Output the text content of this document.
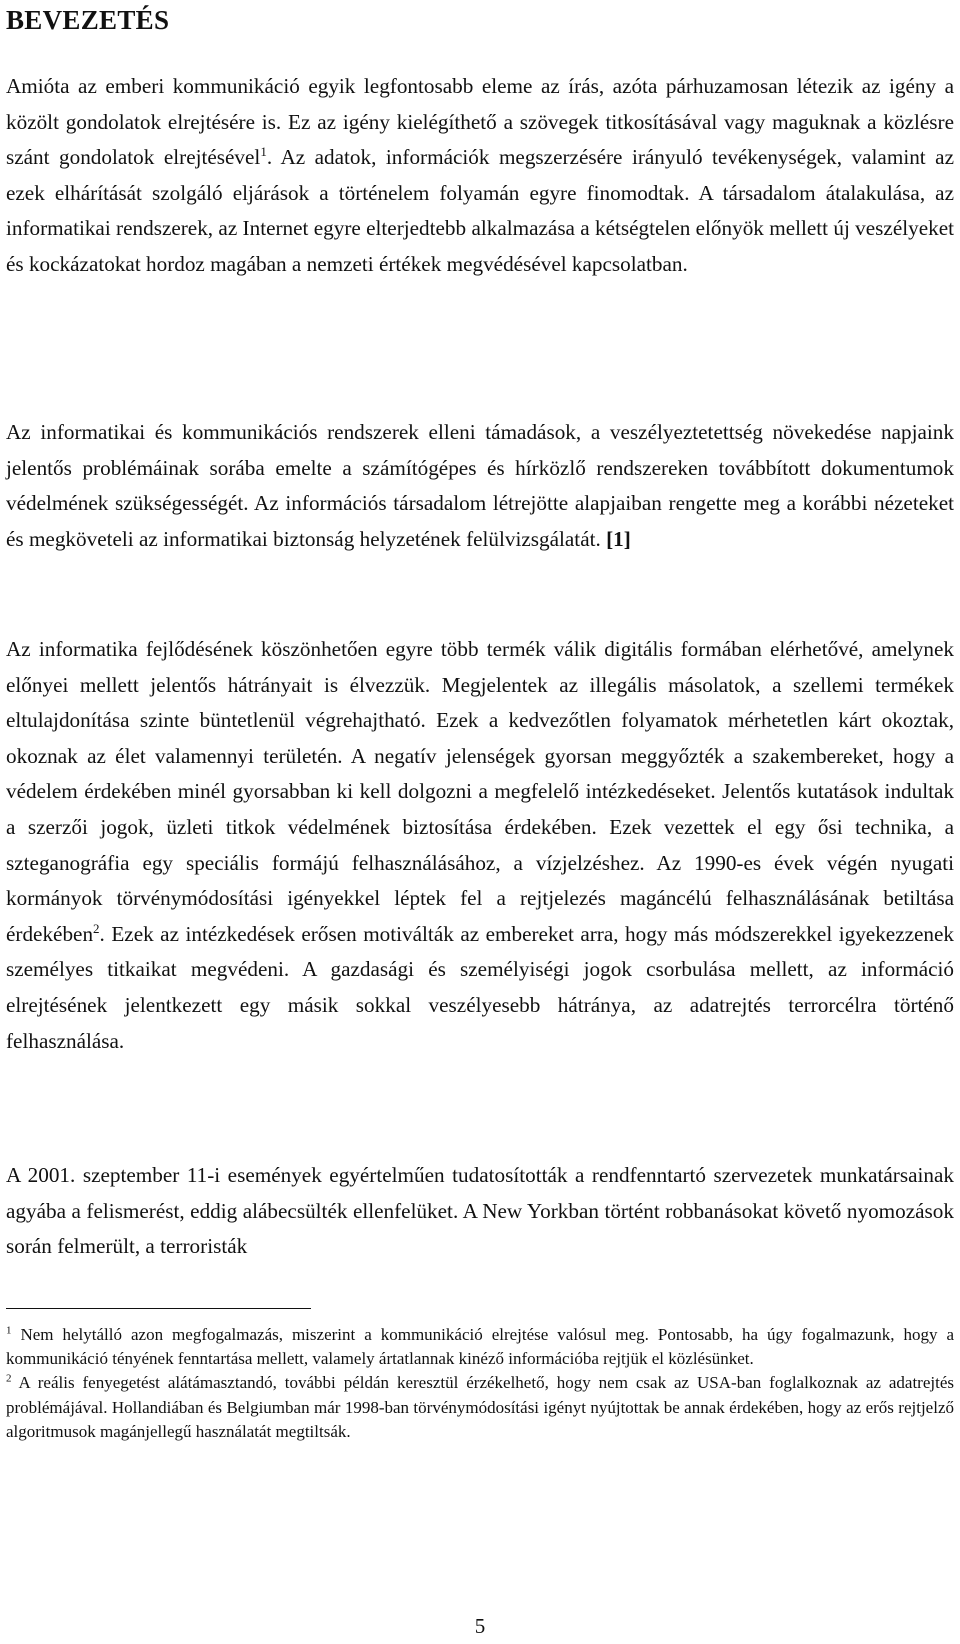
BEVEZETÉS

Amióta az emberi kommunikáció egyik legfontosabb eleme az írás, azóta párhuzamosan létezik az igény a közölt gondolatok elrejtésére is. Ez az igény kielégíthető a szövegek titkosításával vagy maguknak a közlésre szánt gondolatok elrejtésével$^1$. Az adatok, információk megszerzésére irányuló tevékenységek, valamint az ezek elhárítását szolgáló eljárások a történelem folyamán egyre finomodtak. A társadalom átalakulása, az informatikai rendszerek, az Internet egyre elterjedtebb alkalmazása a kétségtelen előnyök mellett új veszélyeket és kockázatokat hordoz magában a nemzeti értékek megvédésével kapcsolatban.

Az informatikai és kommunikációs rendszerek elleni támadások, a veszélyeztetettség növekedése napjaink jelentős problémáinak sorába emelte a számítógépes és hírközlő rendszereken továbbított dokumentumok védelmének szükségességét. Az információs társadalom létrejötte alapjaiban rengette meg a korábbi nézeteket és megköveteli az informatikai biztonság helyzetének felülvizsgálatát. [1]

Az informatika fejlődésének köszönhetően egyre több termék válik digitális formában elérhetővé, amelynek előnyei mellett jelentős hátrányait is élvezzük. Megjelentek az illegális másolatok, a szellemi termékek eltulajdonítása szinte büntetlenül végrehajtható. Ezek a kedvezőtlen folyamatok mérhetetlen kárt okoztak, okoznak az élet valamennyi területén. A negatív jelenségek gyorsan meggyőzték a szakembereket, hogy a védelem érdekében minél gyorsabban ki kell dolgozni a megfelelő intézkedéseket. Jelentős kutatások indultak a szerzői jogok, üzleti titkok védelmének biztosítása érdekében. Ezek vezettek el egy ősi technika, a szteganográfia egy speciális formájú felhasználásához, a vízjelzéshez. Az 1990-es évek végén nyugati kormányok törvénymódosítási igényekkel léptek fel a rejtjelezés magáncélú felhasználásának betiltása érdekében$^2$. Ezek az intézkedések erősen motiválták az embereket arra, hogy más módszerekkel igyekezzenek személyes titkaikat megvédeni. A gazdasági és személyiségi jogok csorbulása mellett, az információ elrejtésének jelentkezett egy másik sokkal veszélyesebb hátránya, az adatrejtés terrorcélra történő felhasználása.

A 2001. szeptember 11-i események egyértelműen tudatosították a rendfenntartó szervezetek munkatársainak agyába a felismerést, eddig alábecsülték ellenfelüket. A New Yorkban történt robbanásokat követő nyomozások során felmerült, a terroristák

$^1$ Nem helytálló azon megfogalmazás, miszerint a kommunikáció elrejtése valósul meg. Pontosabb, ha úgy fogalmazunk, hogy a kommunikáció tényének fenntartása mellett, valamely ártatlannak kinéző információba rejtjük el közlésünket.

$^2$ A reális fenyegetést alátámasztandó, további példán keresztül érzékelhető, hogy nem csak az USA-ban foglalkoznak az adatrejtés problémájával. Hollandiában és Belgiumban már 1998-ban törvénymódosítási igényt nyújtottak be annak érdekében, hogy az erős rejtjelző algoritmusok magánjellegű használatát megtiltsák.

5
